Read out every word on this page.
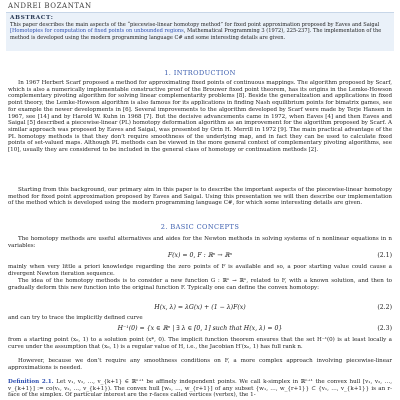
ANDREI BOZANTAN
ABSTRACT:
This paper describes the main aspects of the “piecewise-linear homotopy method” for fixed point approximation proposed by Eaves and Saigal [Homotopies for computation of fixed points on unbounded regions, Mathematical Programming 3 (1972), 225-237]. The implementation of the method is developed using the modern programming language C# and some interesting details are given.
1. INTRODUCTION
In 1967 Herbert Scarf proposed a method for approximating fixed points of continuous mappings. The algorithm proposed by Scarf, which is also a numerically implementable constructive proof of the Brouwer fixed point theorem, has its origins in the Lemke-Howson complementary pivoting algorithm for solving linear complementarity problems [8]. Beside the generalization and applications in fixed point theory, the Lemke-Howson algorithm is also famous for its applications in finding Nash equilibrium points for bimatrix games, see for example the newer developments in [6]. Several improvements to the algorithm developed by Scarf were made by Terje Hansen in 1967, see [14] and by Harold W. Kuhn in 1968 [7]. But the decisive advancements came in 1972, when Eaves [4] and then Eaves and Saigal [5] described a piecewise-linear (PL) homotopy deformation algorithm as an improvement for the algorithm proposed by Scarf. A similar approach was proposed by Eaves and Saigal, was presented by Orin H. Merrill in 1972 [9]. The main practical advantage of the PL homotopy methods is that they don’t require smoothness of the underlying map, and in fact they can be used to calculate fixed points of set-valued maps. Although PL methods can be viewed in the more general context of complementary pivoting algorithms, see [10], usually they are considered to be included in the general class of homotopy or continuation methods [2].
Starting from this background, our primary aim in this paper is to describe the important aspects of the piecewise-linear homotopy method for fixed point approximation proposed by Eaves and Saigal. Using this presentation we will then describe our implementation of the method which is developed using the modern programming language C#, for which some interesting details are given.
2. BASIC CONCEPTS
The homotopy methods are useful alternatives and aides for the Newton methods in solving systems of n nonlinear equations in n variables:
F(x) = 0, F : ℝⁿ → ℝⁿ	(2.1)
mainly when very little a priori knowledge regarding the zero points of F is available and so, a poor starting value could cause a divergent Newton iteration sequence.
The idea of the homotopy methods is to consider a new function G : ℝⁿ → ℝⁿ, related to F, with a known solution, and then to gradually deform this new function into the original function F. Typically one can define the convex homotopy:
H(x, λ) = λG(x) + (1 − λ)F(x)	(2.2)
and can try to trace the implicitly defined curve
H⁻¹(0) = {x ∈ ℝⁿ | ∃ λ ∈ [0, 1] such that H(x, λ) = 0}	(2.3)
from a starting point (x₀, 1) to a solution point (x*, 0). The implicit function theorem ensures that the set H⁻¹(0) is at least locally a curve under the assumption that (x₀, 1) is a regular value of H, i.e., the Jacobian H′(x₀, 1) has full rank n.
However, because we don’t require any smoothness conditions on F, a more complex approach involving piecewise-linear approximations is needed.
Definition 2.1. Let v₁, v₂, …, v_{k+1} ∈ ℝⁿ⁺¹ be affinely independent points. We call k-simplex in ℝⁿ⁺¹ the convex hull [v₁, v₂, …, v_{k+1}] := co(v₁, v₂, …, v_{k+1}). The convex hull [w₁, …, w_{r+1}] of any subset {w₁, …, w_{r+1}} ⊂ {v₁, …, v_{k+1}} is an r-face of the simplex. Of particular interest are the r-faces called vertices (vertex), the 1-
